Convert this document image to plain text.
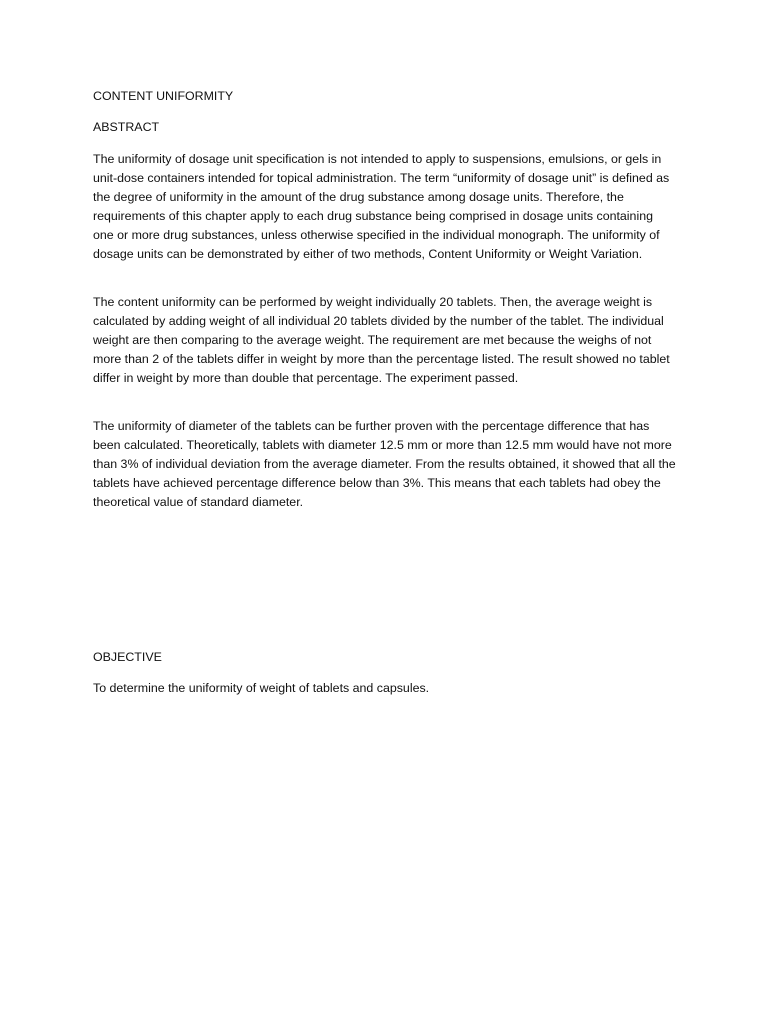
CONTENT UNIFORMITY

ABSTRACT

The uniformity of dosage unit specification is not intended to apply to suspensions, emulsions, or gels in unit-dose containers intended for topical administration. The term “uniformity of dosage unit” is defined as the degree of uniformity in the amount of the drug substance among dosage units. Therefore, the requirements of this chapter apply to each drug substance being comprised in dosage units containing one or more drug substances, unless otherwise specified in the individual monograph. The uniformity of dosage units can be demonstrated by either of two methods, Content Uniformity or Weight Variation.

The content uniformity can be performed by weight individually 20 tablets. Then, the average weight is calculated by adding weight of all individual 20 tablets divided by the number of the tablet. The individual weight are then comparing to the average weight. The requirement are met because the weighs of not more than 2 of the tablets differ in weight by more than the percentage listed. The result showed no tablet differ in weight by more than double that percentage. The experiment passed.

The uniformity of diameter of the tablets can be further proven with the percentage difference that has been calculated. Theoretically, tablets with diameter 12.5 mm or more than 12.5 mm would have not more than 3% of individual deviation from the average diameter. From the results obtained, it showed that all the tablets have achieved percentage difference below than 3%. This means that each tablets had obey the theoretical value of standard diameter.

OBJECTIVE

To determine the uniformity of weight of tablets and capsules.
